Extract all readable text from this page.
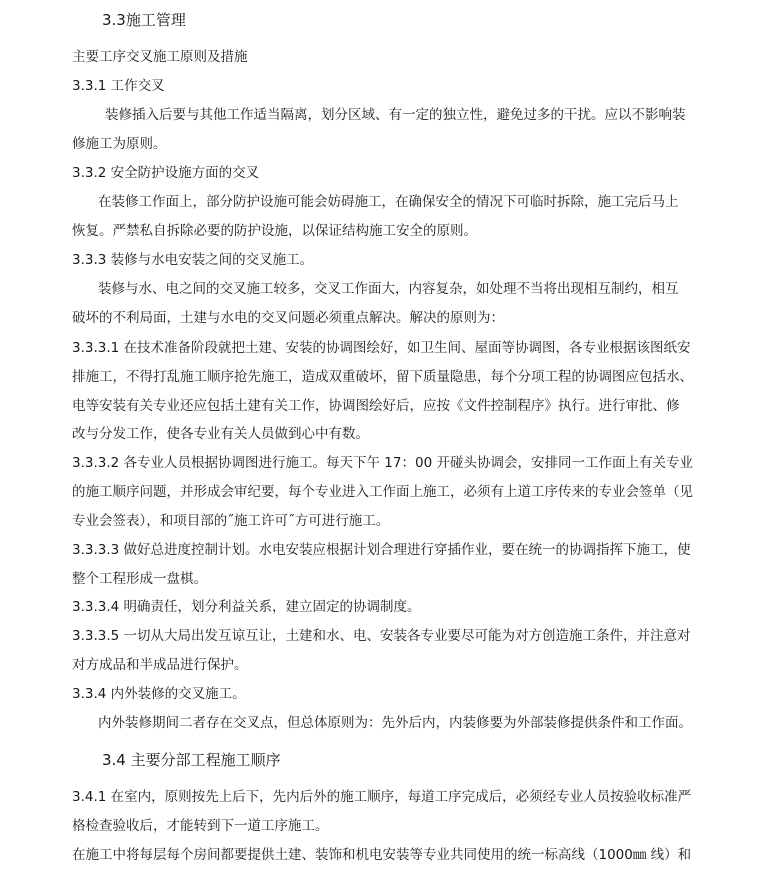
3.3施工管理
主要工序交叉施工原则及措施
3.3.1 工作交叉
装修插入后要与其他工作适当隔离，划分区域、有一定的独立性，避免过多的干扰。应以不影响装
修施工为原则。
3.3.2 安全防护设施方面的交叉
在装修工作面上，部分防护设施可能会妨碍施工，在确保安全的情况下可临时拆除，施工完后马上
恢复。严禁私自拆除必要的防护设施，以保证结构施工安全的原则。
3.3.3 装修与水电安装之间的交叉施工。
装修与水、电之间的交叉施工较多，交叉工作面大，内容复杂，如处理不当将出现相互制约，相互
破坏的不利局面，土建与水电的交叉问题必须重点解决。解决的原则为：
3.3.3.1 在技术准备阶段就把土建、安装的协调图绘好，如卫生间、屋面等协调图，各专业根据该图纸安
排施工，不得打乱施工顺序抢先施工，造成双重破坏，留下质量隐患，每个分项工程的协调图应包括水、
电等安装有关专业还应包括土建有关工作，协调图绘好后，应按《文件控制程序》执行。进行审批、修
改与分发工作，使各专业有关人员做到心中有数。
3.3.3.2 各专业人员根据协调图进行施工。每天下午 17：00 开碰头协调会，安排同一工作面上有关专业
的施工顺序问题，并形成会审纪要，每个专业进入工作面上施工，必须有上道工序传来的专业会签单（见
专业会签表），和项目部的˝施工许可˝方可进行施工。
3.3.3.3 做好总进度控制计划。水电安装应根据计划合理进行穿插作业，要在统一的协调指挥下施工，使
整个工程形成一盘棋。
3.3.3.4 明确责任，划分利益关系，建立固定的协调制度。
3.3.3.5 一切从大局出发互谅互让，土建和水、电、安装各专业要尽可能为对方创造施工条件，并注意对
对方成品和半成品进行保护。
3.3.4 内外装修的交叉施工。
内外装修期间二者存在交叉点，但总体原则为：先外后内，内装修要为外部装修提供条件和工作面。
3.4 主要分部工程施工顺序
3.4.1 在室内，原则按先上后下，先内后外的施工顺序，每道工序完成后，必须经专业人员按验收标准严
格检查验收后，才能转到下一道工序施工。
在施工中将每层每个房间都要提供土建、装饰和机电安装等专业共同使用的统一标高线（1000㎜ 线）和
